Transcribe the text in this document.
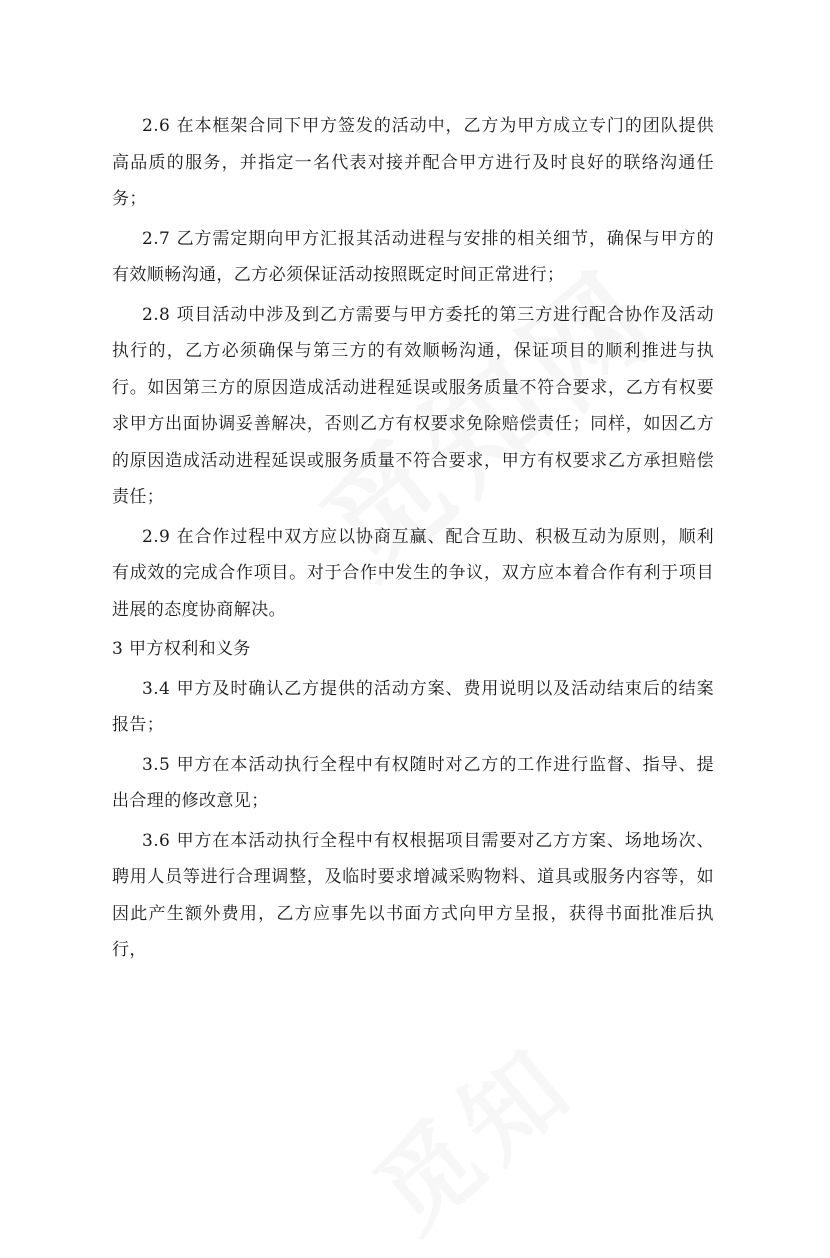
2.6 在本框架合同下甲方签发的活动中，乙方为甲方成立专门的团队提供高品质的服务，并指定一名代表对接并配合甲方进行及时良好的联络沟通任务；

2.7 乙方需定期向甲方汇报其活动进程与安排的相关细节，确保与甲方的有效顺畅沟通，乙方必须保证活动按照既定时间正常进行；

2.8 项目活动中涉及到乙方需要与甲方委托的第三方进行配合协作及活动执行的，乙方必须确保与第三方的有效顺畅沟通，保证项目的顺利推进与执行。如因第三方的原因造成活动进程延误或服务质量不符合要求，乙方有权要求甲方出面协调妥善解决，否则乙方有权要求免除赔偿责任；同样，如因乙方的原因造成活动进程延误或服务质量不符合要求，甲方有权要求乙方承担赔偿责任；

2.9 在合作过程中双方应以协商互赢、配合互助、积极互动为原则，顺利有成效的完成合作项目。对于合作中发生的争议，双方应本着合作有利于项目进展的态度协商解决。

3 甲方权利和义务

3.4 甲方及时确认乙方提供的活动方案、费用说明以及活动结束后的结案报告；

3.5 甲方在本活动执行全程中有权随时对乙方的工作进行监督、指导、提出合理的修改意见；

3.6 甲方在本活动执行全程中有权根据项目需要对乙方方案、场地场次、聘用人员等进行合理调整，及临时要求增减采购物料、道具或服务内容等，如因此产生额外费用，乙方应事先以书面方式向甲方呈报，获得书面批准后执行，
